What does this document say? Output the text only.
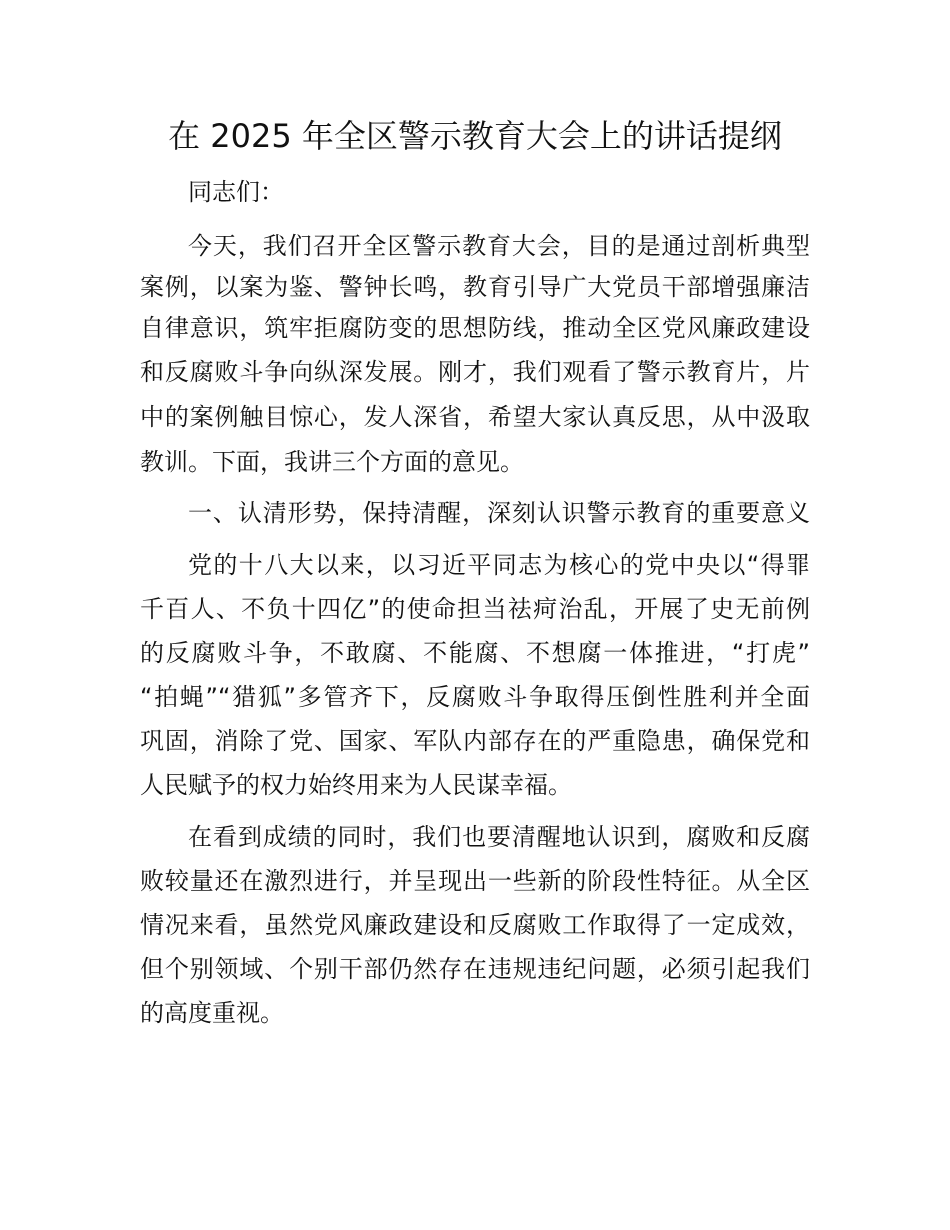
在 2025 年全区警示教育大会上的讲话提纲

同志们：

今天，我们召开全区警示教育大会，目的是通过剖析典型

案例，以案为鉴、警钟长鸣，教育引导广大党员干部增强廉洁

自律意识，筑牢拒腐防变的思想防线，推动全区党风廉政建设

和反腐败斗争向纵深发展。刚才，我们观看了警示教育片，片

中的案例触目惊心，发人深省，希望大家认真反思，从中汲取

教训。下面，我讲三个方面的意见。

一、认清形势，保持清醒，深刻认识警示教育的重要意义

党的十八大以来，以习近平同志为核心的党中央以“得罪

千百人、不负十四亿”的使命担当祛疴治乱，开展了史无前例

的反腐败斗争，不敢腐、不能腐、不想腐一体推进，“打虎”

“拍蝇”“猎狐”多管齐下，反腐败斗争取得压倒性胜利并全面

巩固，消除了党、国家、军队内部存在的严重隐患，确保党和

人民赋予的权力始终用来为人民谋幸福。

在看到成绩的同时，我们也要清醒地认识到，腐败和反腐

败较量还在激烈进行，并呈现出一些新的阶段性特征。从全区

情况来看，虽然党风廉政建设和反腐败工作取得了一定成效，

但个别领域、个别干部仍然存在违规违纪问题，必须引起我们

的高度重视。
